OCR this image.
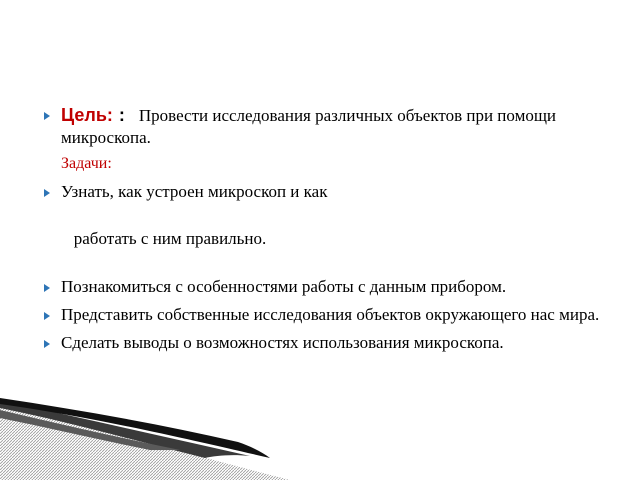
Цель: : Провести исследования различных объектов при помощи микроскопа.
Задачи:
Узнать, как устроен микроскоп и как

работать с ним правильно.

Познакомиться с особенностями работы с данным прибором.
Представить собственные исследования объектов окружающего нас мира.
Сделать выводы о возможностях использования микроскопа.
